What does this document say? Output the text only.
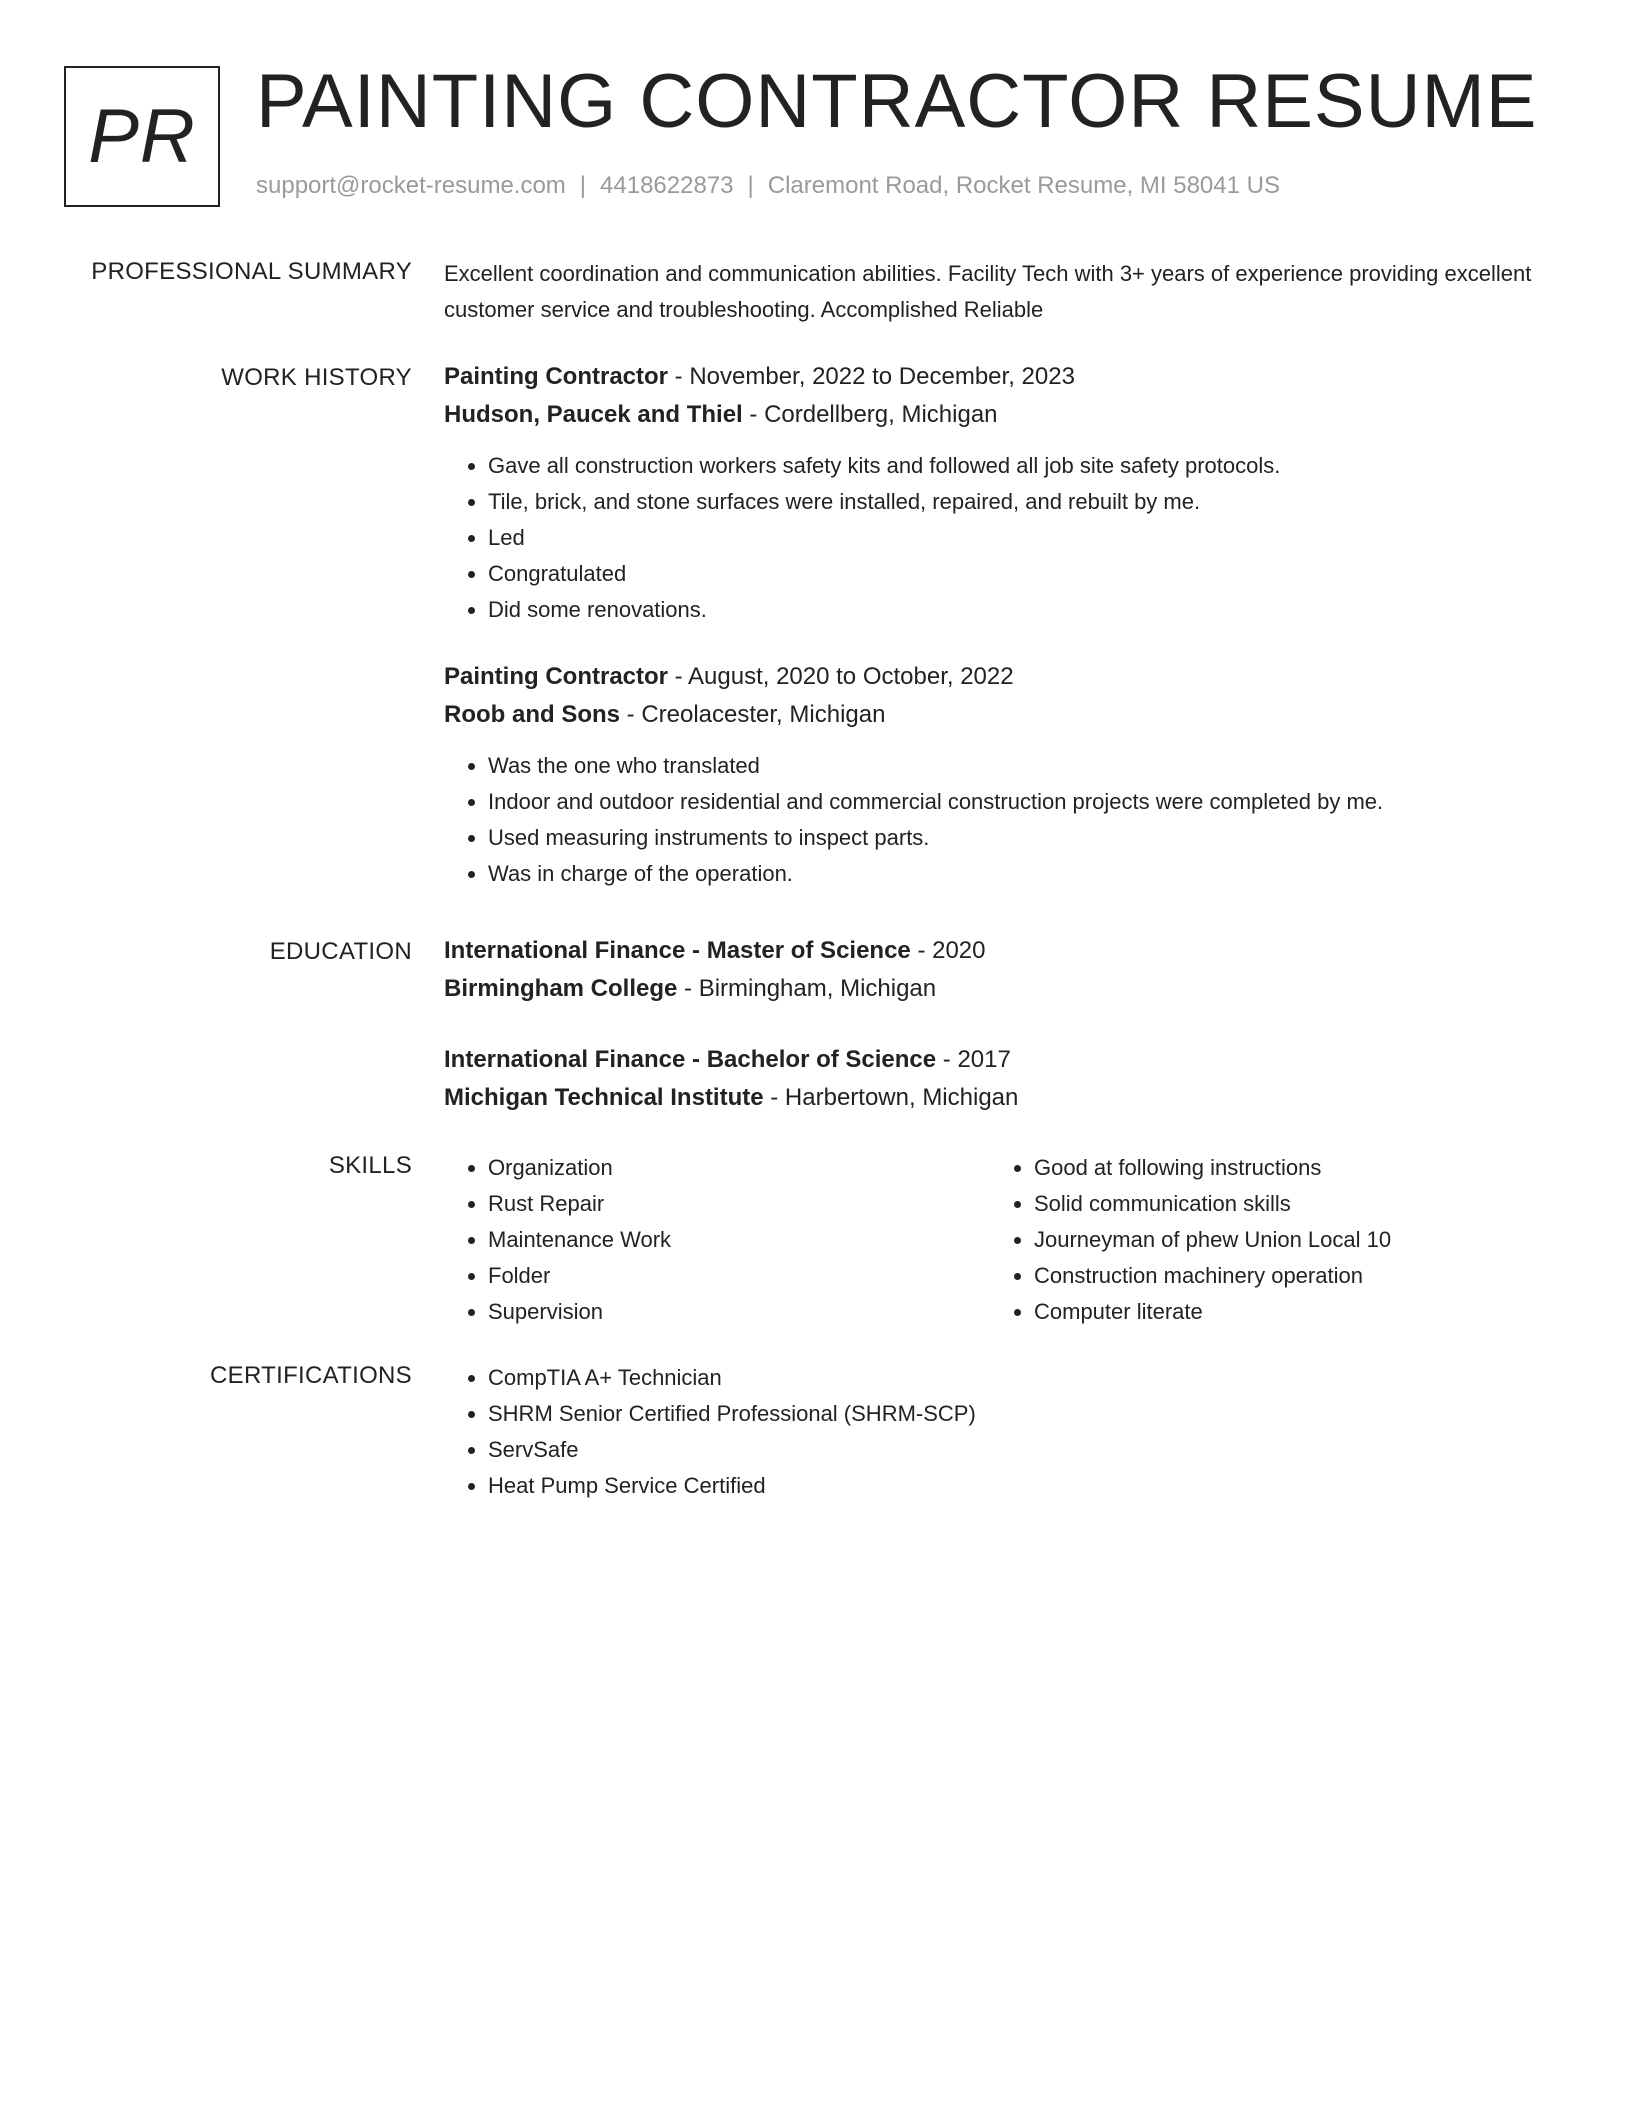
PR PAINTING CONTRACTOR RESUME
support@rocket-resume.com | 4418622873 | Claremont Road, Rocket Resume, MI 58041 US
PROFESSIONAL SUMMARY Excellent coordination and communication abilities. Facility Tech with 3+ years of experience providing excellent customer service and troubleshooting. Accomplished Reliable

WORK HISTORY Painting Contractor - November, 2022 to December, 2023

Hudson, Paucek and Thiel - Cordellberg, Michigan

• Gave all construction workers safety kits and followed all job site safety protocols.
• Tile, brick, and stone surfaces were installed, repaired, and rebuilt by me.
• Led
• Congratulated
• Did some renovations.

Painting Contractor - August, 2020 to October, 2022

Roob and Sons - Creolacester, Michigan

• Was the one who translated
• Indoor and outdoor residential and commercial construction projects were completed by me.
• Used measuring instruments to inspect parts.
• Was in charge of the operation.
EDUCATION International Finance - Master of Science - 2020

Birmingham College - Birmingham, Michigan

International Finance - Bachelor of Science - 2017

Michigan Technical Institute - Harbertown, Michigan

SKILLS	• Organization
• Rust Repair
• Maintenance Work
• Folder
• Supervision
• Good at following instructions
• Solid communication skills
• Journeyman of phew Union Local 10
• Construction machinery operation
• Computer literate
CERTIFICATIONS	• CompTIA A+ Technician
• SHRM Senior Certified Professional (SHRM-SCP)
• ServSafe
• Heat Pump Service Certified
